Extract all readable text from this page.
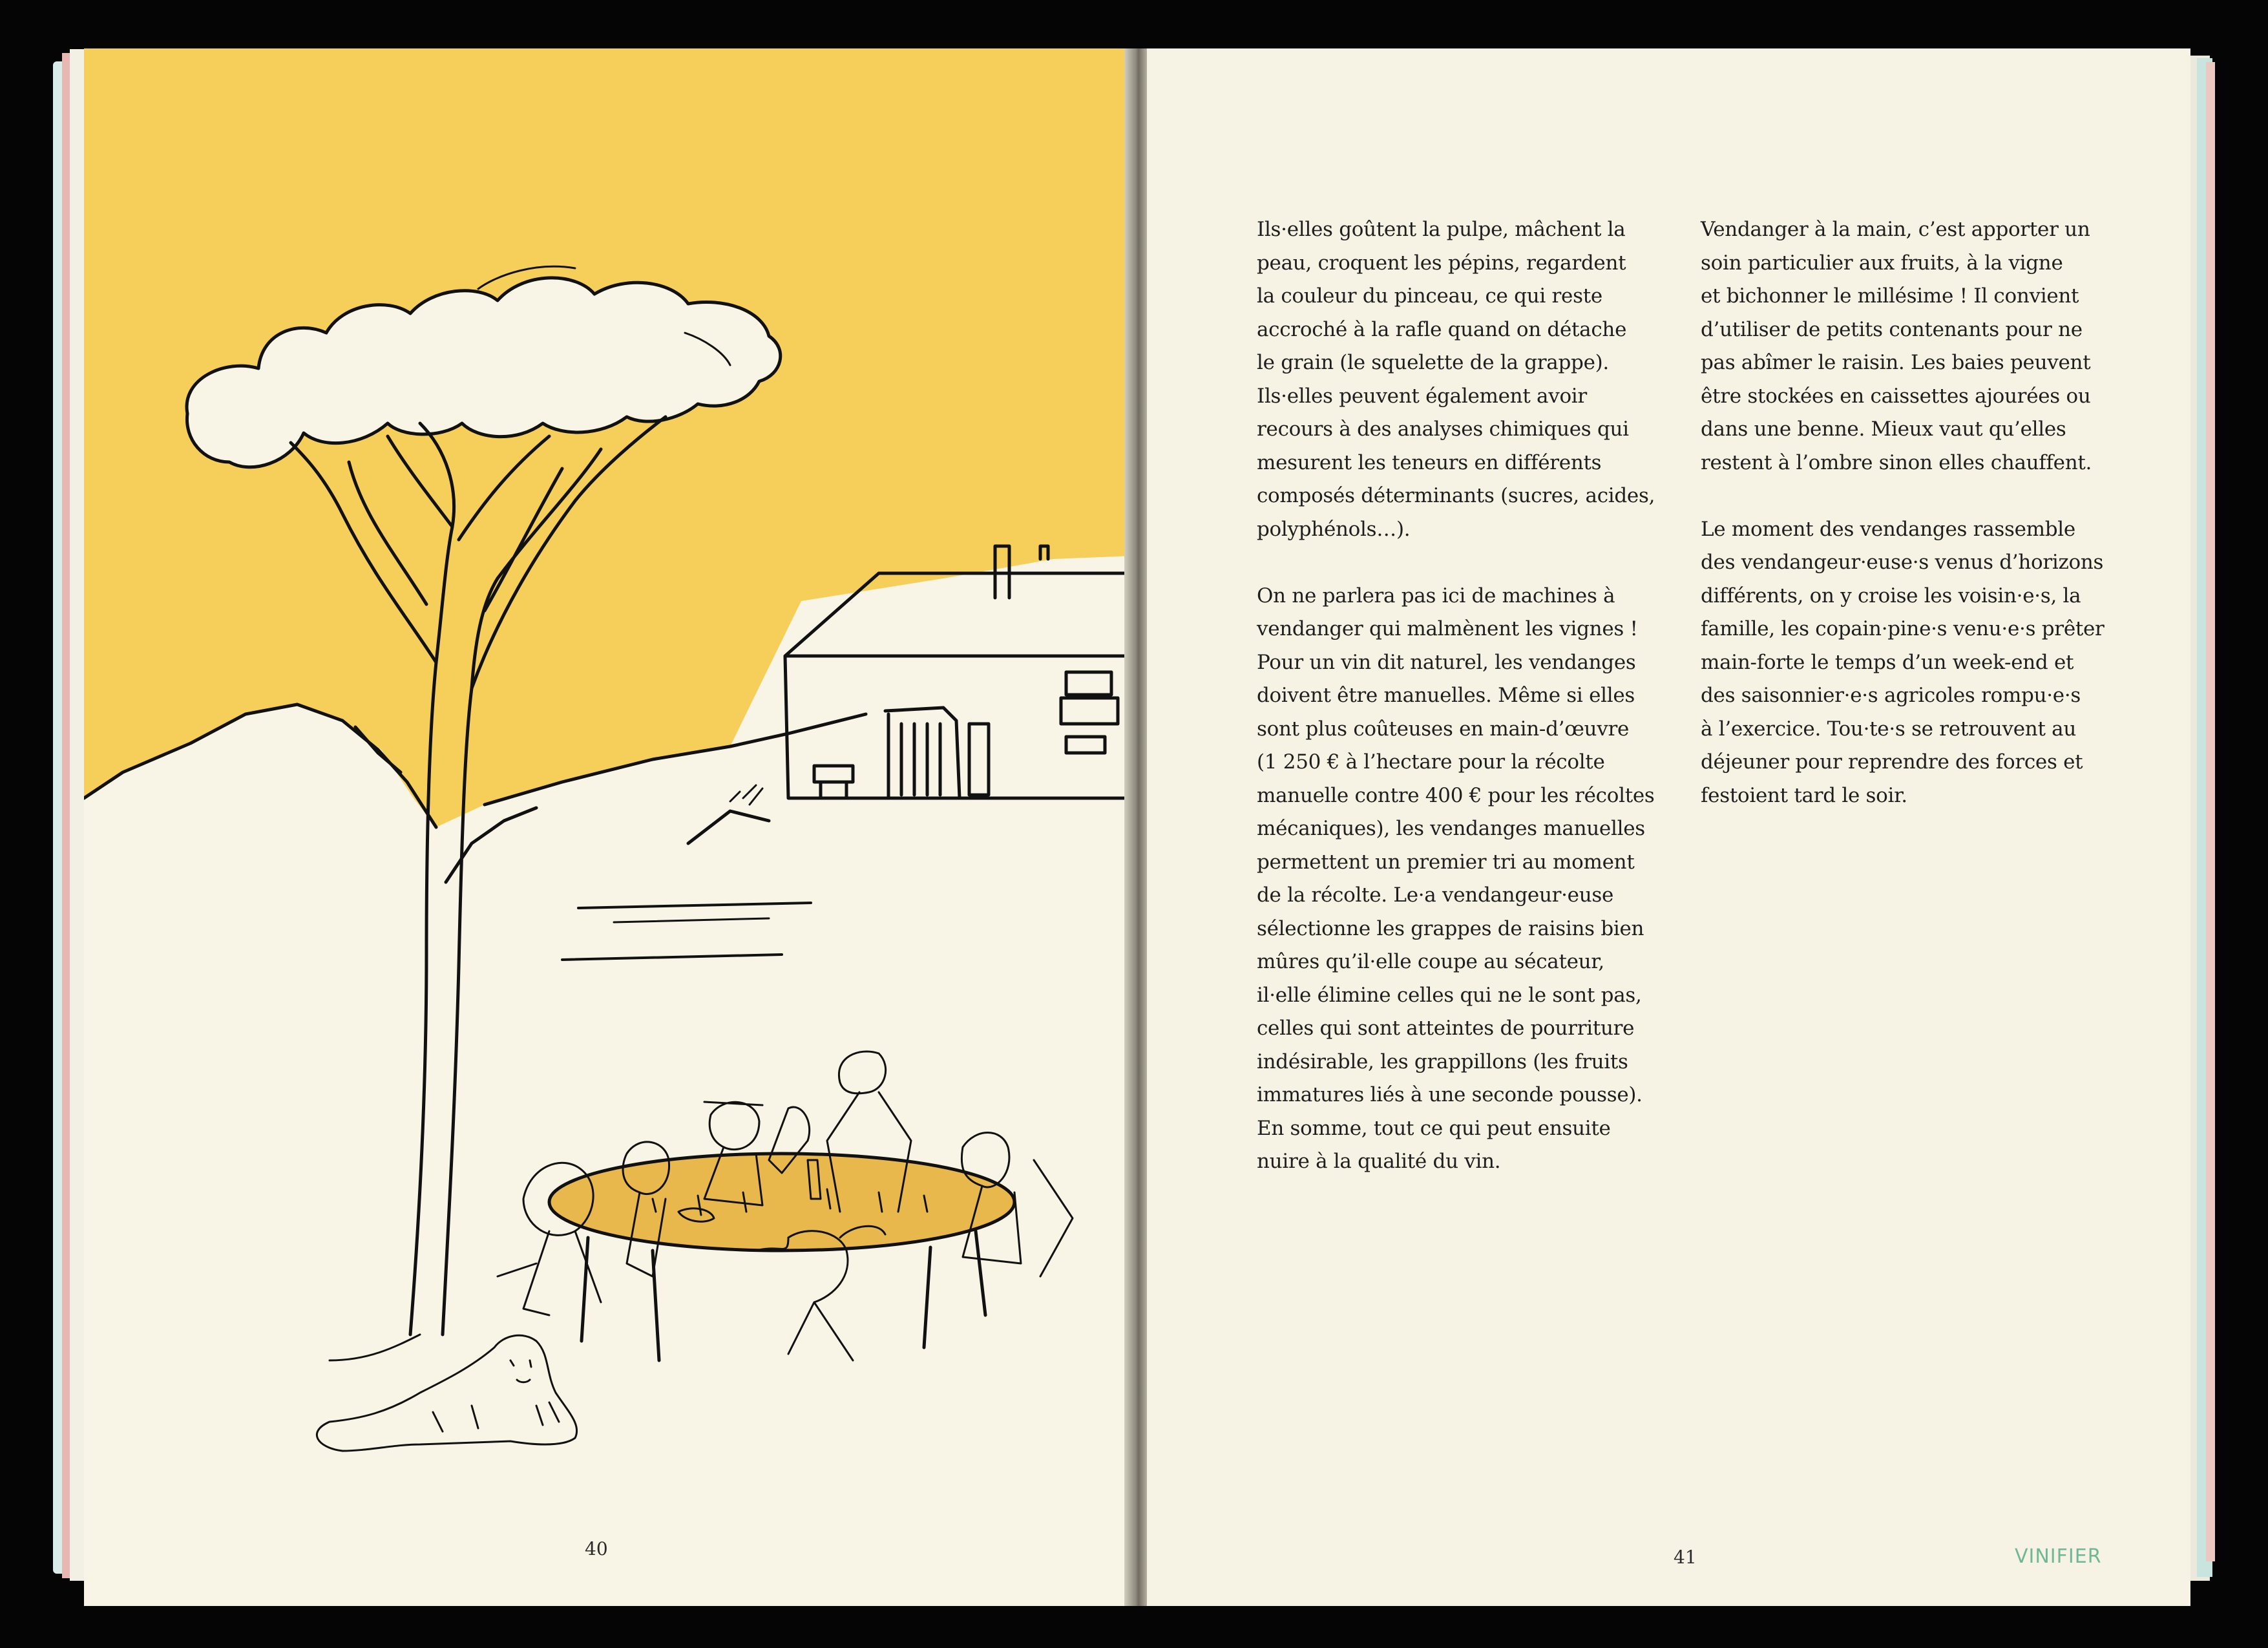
40

Ils·elles goûtent la pulpe, mâchent la
peau, croquent les pépins, regardent
la couleur du pinceau, ce qui reste
accroché à la rafle quand on détache
le grain (le squelette de la grappe).
Ils·elles peuvent également avoir
recours à des analyses chimiques qui
mesurent les teneurs en différents
composés déterminants (sucres, acides,
polyphénols…).

On ne parlera pas ici de machines à
vendanger qui malmènent les vignes !
Pour un vin dit naturel, les vendanges
doivent être manuelles. Même si elles
sont plus coûteuses en main-d’œuvre
(1 250 € à l’hectare pour la récolte
manuelle contre 400 € pour les récoltes
mécaniques), les vendanges manuelles
permettent un premier tri au moment
de la récolte. Le·a vendangeur·euse
sélectionne les grappes de raisins bien
mûres qu’il·elle coupe au sécateur,
il·elle élimine celles qui ne le sont pas,
celles qui sont atteintes de pourriture
indésirable, les grappillons (les fruits
immatures liés à une seconde pousse).
En somme, tout ce qui peut ensuite
nuire à la qualité du vin.

Vendanger à la main, c’est apporter un
soin particulier aux fruits, à la vigne
et bichonner le millésime ! Il convient
d’utiliser de petits contenants pour ne
pas abîmer le raisin. Les baies peuvent
être stockées en caissettes ajourées ou
dans une benne. Mieux vaut qu’elles
restent à l’ombre sinon elles chauffent.

Le moment des vendanges rassemble
des vendangeur·euse·s venus d’horizons
différents, on y croise les voisin·e·s, la
famille, les copain·pine·s venu·e·s prêter
main-forte le temps d’un week-end et
des saisonnier·e·s agricoles rompu·e·s
à l’exercice. Tou·te·s se retrouvent au
déjeuner pour reprendre des forces et
festoient tard le soir.

41	VINIFIER
